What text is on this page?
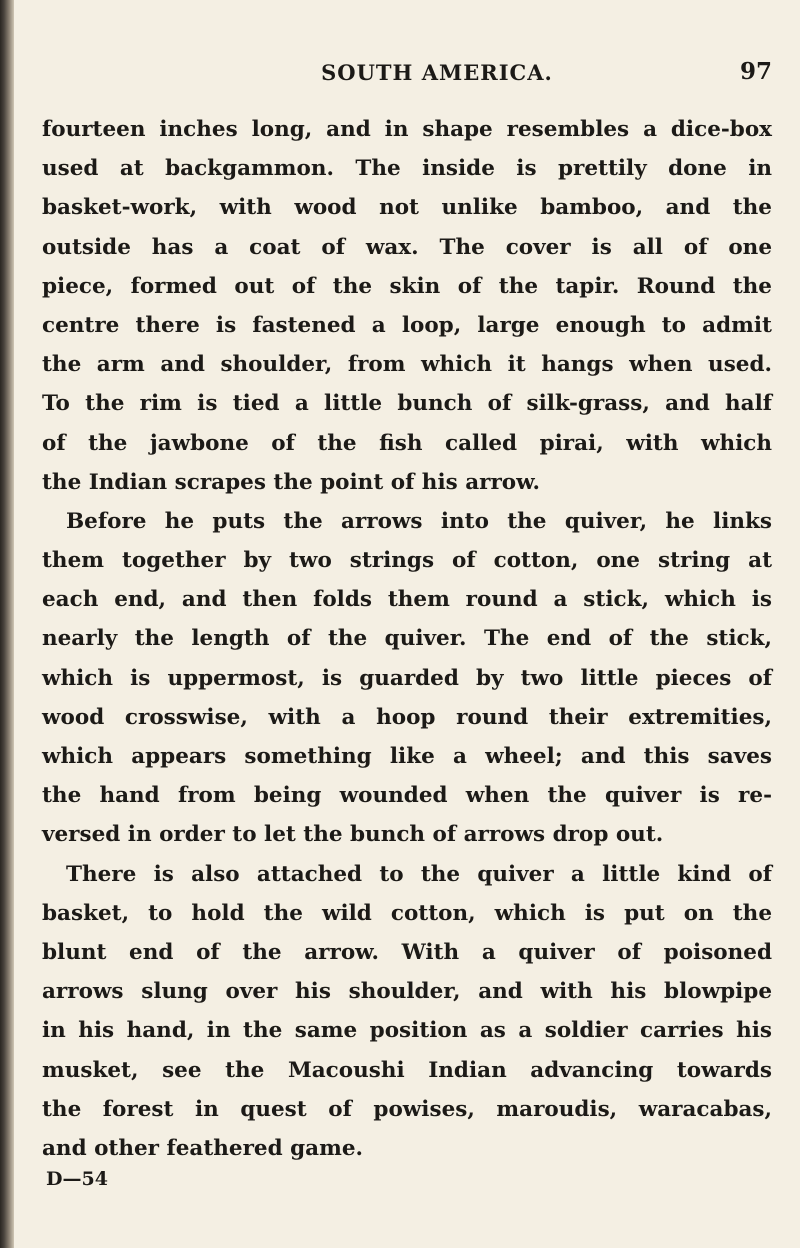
SOUTH AMERICA.	97
fourteen inches long, and in shape resembles a dice-box
used at backgammon. The inside is prettily done in
basket-work, with wood not unlike bamboo, and the
outside has a coat of wax. The cover is all of one
piece, formed out of the skin of the tapir. Round the
centre there is fastened a loop, large enough to admit
the arm and shoulder, from which it hangs when used.
To the rim is tied a little bunch of silk-grass, and half
of the jawbone of the fish called pirai, with which
the Indian scrapes the point of his arrow.
Before he puts the arrows into the quiver, he links
them together by two strings of cotton, one string at
each end, and then folds them round a stick, which is
nearly the length of the quiver. The end of the stick,
which is uppermost, is guarded by two little pieces of
wood crosswise, with a hoop round their extremities,
which appears something like a wheel; and this saves
the hand from being wounded when the quiver is re-
versed in order to let the bunch of arrows drop out.
There is also attached to the quiver a little kind of
basket, to hold the wild cotton, which is put on the
blunt end of the arrow. With a quiver of poisoned
arrows slung over his shoulder, and with his blowpipe
in his hand, in the same position as a soldier carries his
musket, see the Macoushi Indian advancing towards
the forest in quest of powises, maroudis, waracabas,
and other feathered game.
D—54
